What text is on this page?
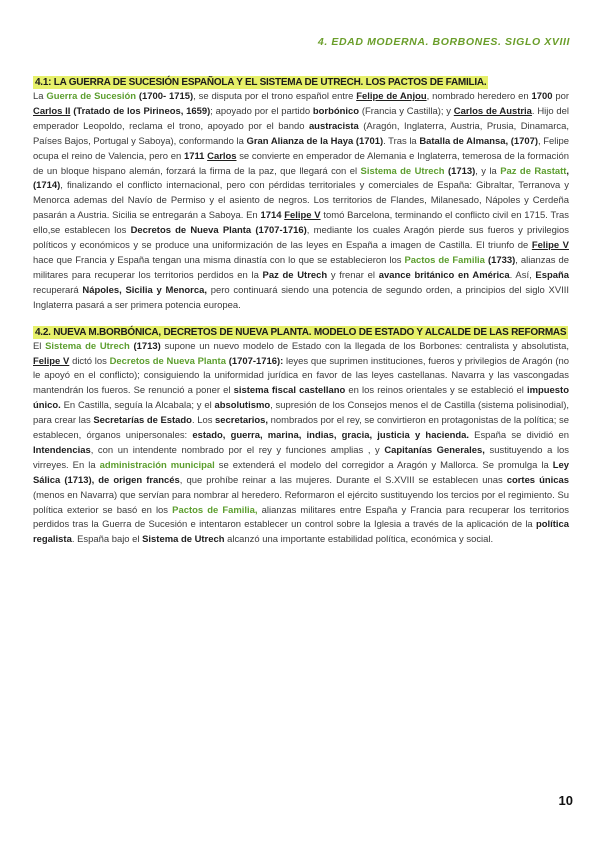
4. EDAD MODERNA. BORBONES. SIGLO XVIII
4.1: LA GUERRA DE SUCESIÓN ESPAÑOLA Y EL SISTEMA DE UTRECH. LOS PACTOS DE FAMILIA.

La Guerra de Sucesión (1700- 1715), se disputa por el trono español entre Felipe de Anjou, nombrado heredero en 1700 por Carlos II (Tratado de los Pirineos, 1659); apoyado por el partido borbónico (Francia y Castilla); y Carlos de Austria. Hijo del emperador Leopoldo, reclama el trono, apoyado por el bando austracista (Aragón, Inglaterra, Austria, Prusia, Dinamarca, Países Bajos, Portugal y Saboya), conformando la Gran Alianza de la Haya (1701). Tras la Batalla de Almansa, (1707), Felipe ocupa el reino de Valencia, pero en 1711 Carlos se convierte en emperador de Alemania e Inglaterra, temerosa de la formación de un bloque hispano alemán, forzará la firma de la paz, que llegará con el Sistema de Utrech (1713), y la Paz de Rastatt, (1714), finalizando el conflicto internacional, pero con pérdidas territoriales y comerciales de España: Gibraltar, Terranova y Menorca ademas del Navío de Permiso y el asiento de negros. Los territorios de Flandes, Milanesado, Nápoles y Cerdeña pasarán a Austria. Sicilia se entregarán a Saboya. En 1714 Felipe V tomó Barcelona, terminando el conflicto civil en 1715. Tras ello,se establecen los Decretos de Nueva Planta (1707-1716), mediante los cuales Aragón pierde sus fueros y privilegios políticos y económicos y se produce una uniformización de las leyes en España a imagen de Castilla. El triunfo de Felipe V hace que Francia y España tengan una misma dinastía con lo que se establecieron los Pactos de Familia (1733), alianzas de militares para recuperar los territorios perdidos en la Paz de Utrech y frenar el avance británico en América. Así, España recuperará Nápoles, Sicilia y Menorca, pero continuará siendo una potencia de segundo orden, a principios del siglo XVIII Inglaterra pasará a ser primera potencia europea.

4.2. NUEVA M.BORBÓNICA, DECRETOS DE NUEVA PLANTA. MODELO DE ESTADO Y ALCALDE DE LAS REFORMAS

El Sistema de Utrech (1713) supone un nuevo modelo de Estado con la llegada de los Borbones: centralista y absolutista, Felipe V dictó los Decretos de Nueva Planta (1707-1716): leyes que suprimen instituciones, fueros y privilegios de Aragón (no le apoyó en el conflicto); consiguiendo la uniformidad jurídica en favor de las leyes castellanas. Navarra y las vascongadas mantendrán los fueros. Se renunció a poner el sistema fiscal castellano en los reinos orientales y se estableció el impuesto único. En Castilla, seguía la Alcabala; y el absolutismo, supresión de los Consejos menos el de Castilla (sistema polisinodial), para crear las Secretarías de Estado. Los secretarios, nombrados por el rey, se convirtieron en protagonistas de la política; se establecen, órganos unipersonales: estado, guerra, marina, indias, gracia, justicia y hacienda. España se dividió en Intendencias, con un intendente nombrado por el rey y funciones amplias , y Capitanías Generales, sustituyendo a los virreyes. En la administración municipal se extenderá el modelo del corregidor a Aragón y Mallorca. Se promulga la Ley Sálica (1713), de origen francés, que prohíbe reinar a las mujeres. Durante el S.XVIII se establecen unas cortes únicas (menos en Navarra) que servían para nombrar al heredero. Reformaron el ejército sustituyendo los tercios por el regimiento. Su política exterior se basó en los Pactos de Familia, alianzas militares entre España y Francia para recuperar los territorios perdidos tras la Guerra de Sucesión e intentaron establecer un control sobre la Iglesia a través de la aplicación de la política regalista. España bajo el Sistema de Utrech alcanzó una importante estabilidad política, económica y social.

10
